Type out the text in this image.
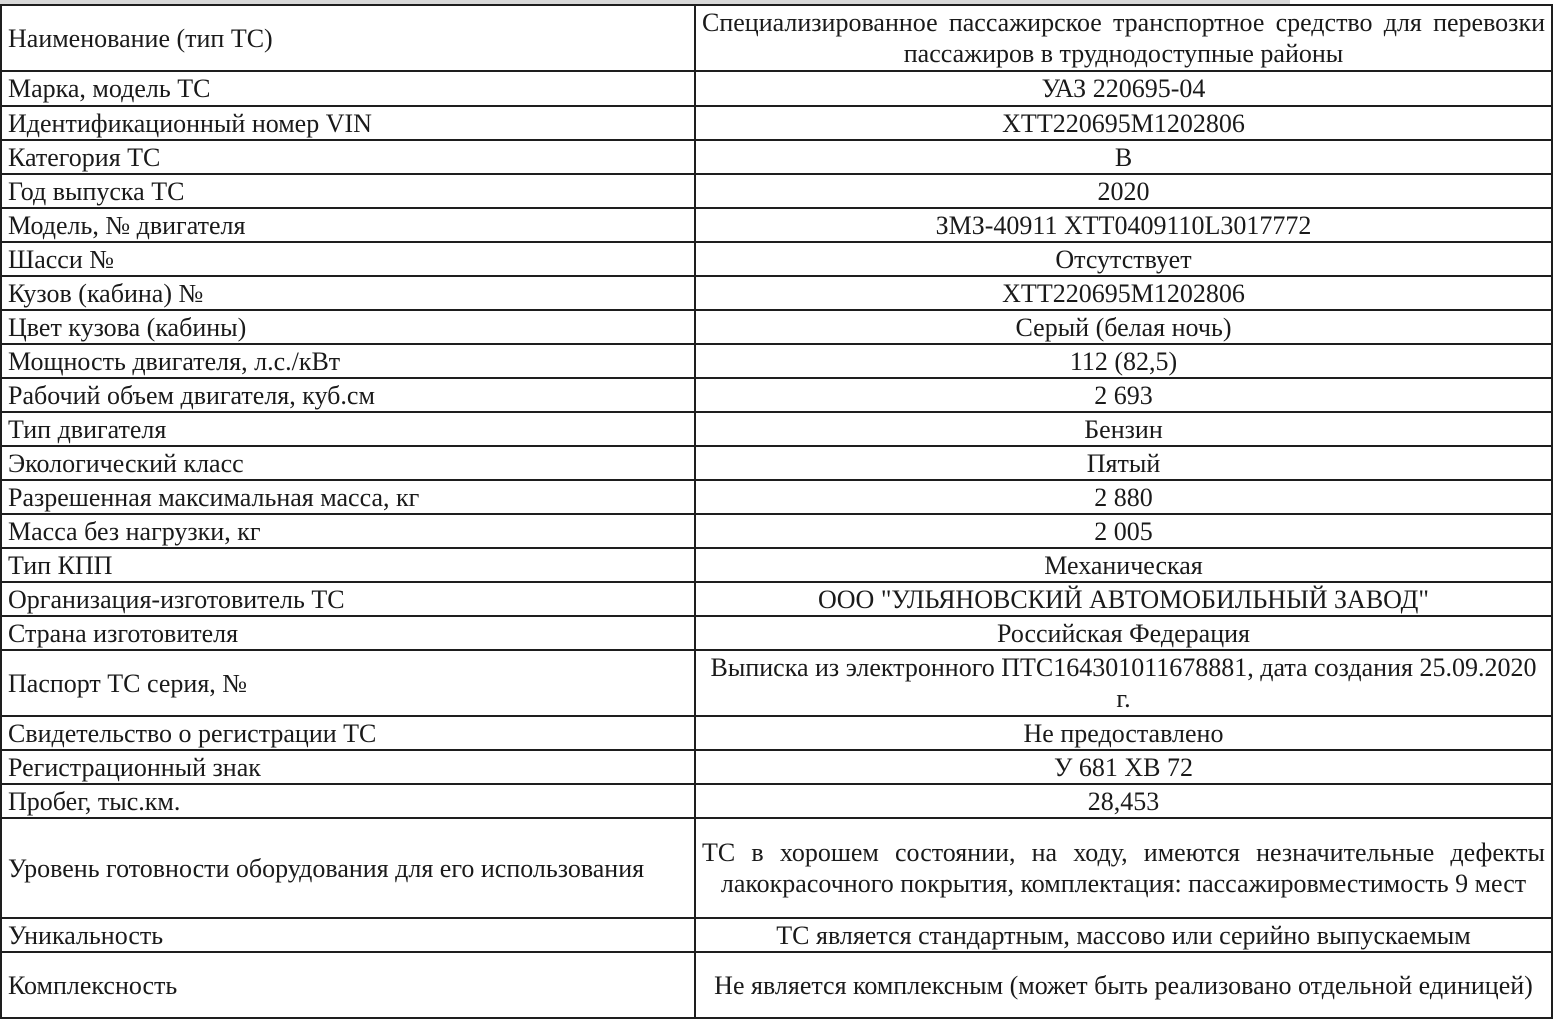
Наименование (тип ТС)	Специализированное пассажирское транспортное средство для перевозки пассажиров в труднодоступные районы
Марка, модель ТС	УАЗ 220695-04
Идентификационный номер VIN	ХТТ220695М1202806
Категория ТС	В
Год выпуска ТС	2020
Модель, № двигателя	ЗМЗ-40911 ХТТ0409110L3017772
Шасси №	Отсутствует
Кузов (кабина) №	ХТТ220695М1202806
Цвет кузова (кабины)	Серый (белая ночь)
Мощность двигателя, л.с./кВт	112 (82,5)
Рабочий объем двигателя, куб.см	2 693
Тип двигателя	Бензин
Экологический класс	Пятый
Разрешенная максимальная масса, кг	2 880
Масса без нагрузки, кг	2 005
Тип КПП	Механическая
Организация-изготовитель ТС	ООО "УЛЬЯНОВСКИЙ АВТОМОБИЛЬНЫЙ ЗАВОД"
Страна изготовителя	Российская Федерация
Паспорт ТС серия, №	Выписка из электронного ПТС164301011678881, дата создания 25.09.2020 г.
Свидетельство о регистрации ТС	Не предоставлено
Регистрационный знак	У 681 ХВ 72
Пробег, тыс.км.	28,453
Уровень готовности оборудования для его использования	ТС в хорошем состоянии, на ходу, имеются незначительные дефекты лакокрасочного покрытия, комплектация: пассажировместимость 9 мест
Уникальность	ТС является стандартным, массово или серийно выпускаемым
Комплексность	Не является комплексным (может быть реализовано отдельной единицей)
